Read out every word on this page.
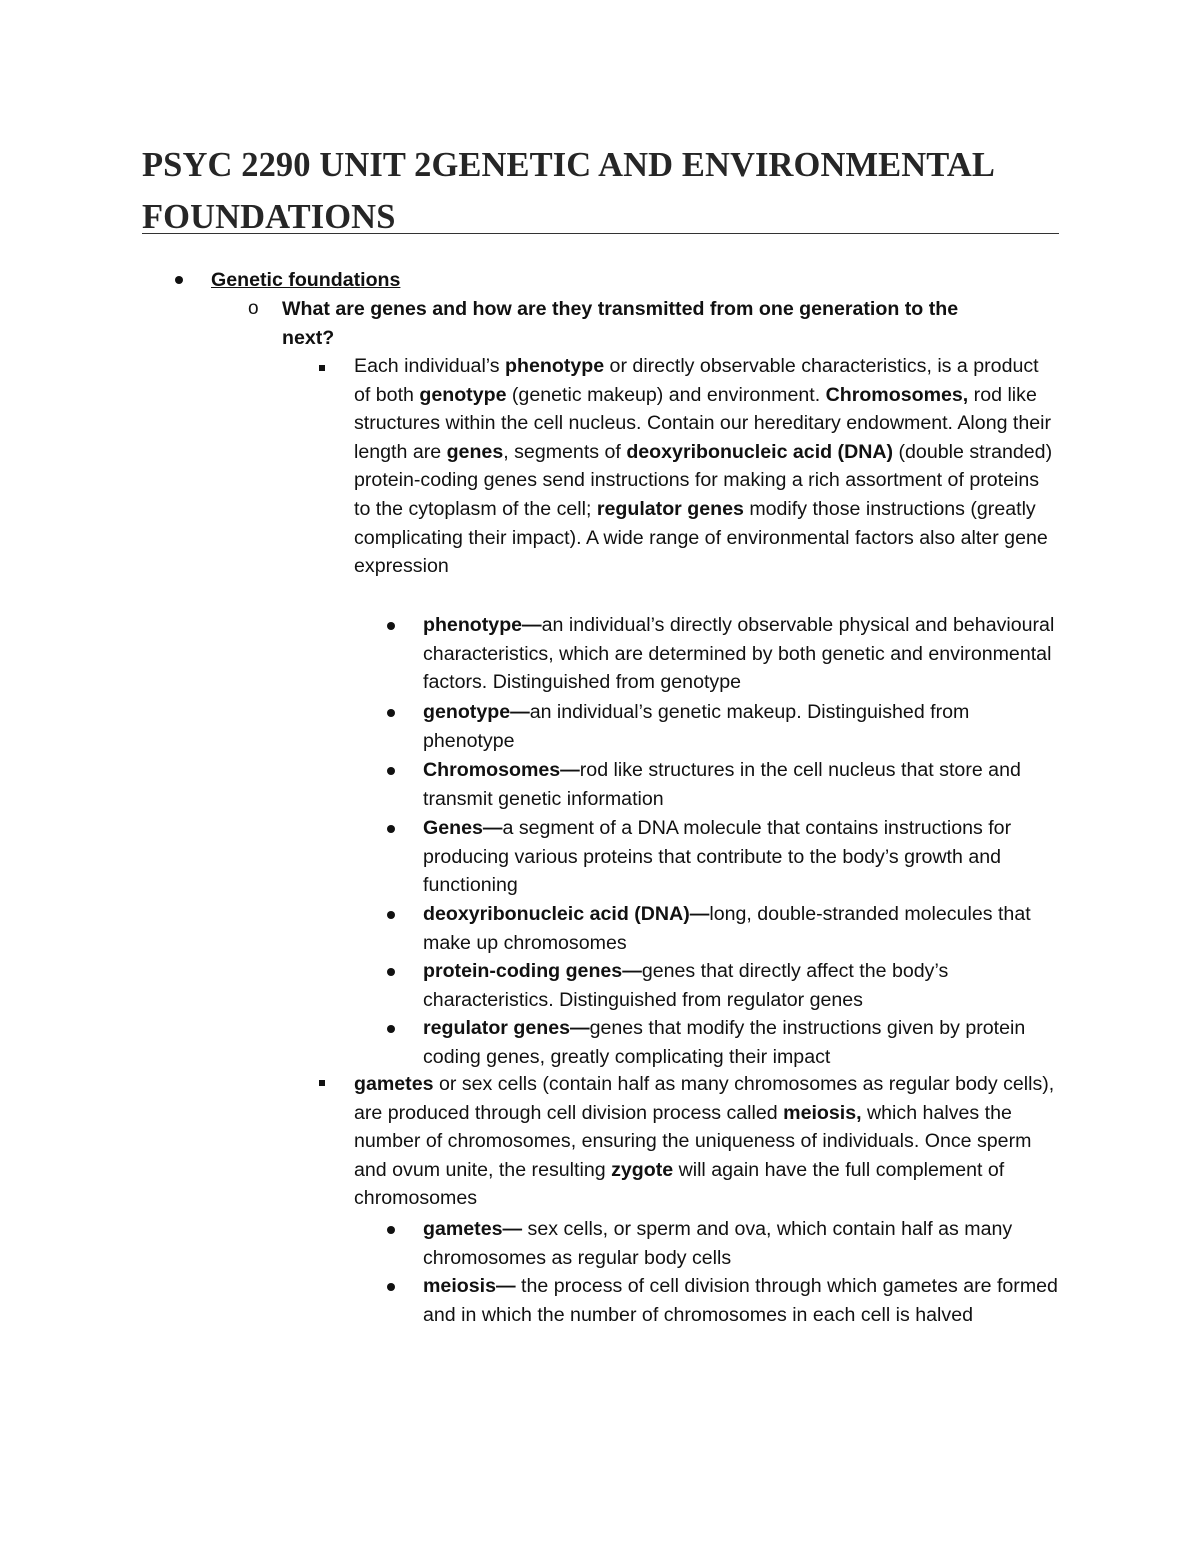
PSYC 2290 UNIT 2GENETIC AND ENVIRONMENTAL FOUNDATIONS
Genetic foundations
o What are genes and how are they transmitted from one generation to the next?
Each individual’s phenotype or directly observable characteristics, is a product of both genotype (genetic makeup) and environment. Chromosomes, rod like structures within the cell nucleus. Contain our hereditary endowment. Along their length are genes, segments of deoxyribonucleic acid (DNA) (double stranded) protein-coding genes send instructions for making a rich assortment of proteins to the cytoplasm of the cell; regulator genes modify those instructions (greatly complicating their impact). A wide range of environmental factors also alter gene expression
phenotype—an individual’s directly observable physical and behavioural characteristics, which are determined by both genetic and environmental factors. Distinguished from genotype
genotype—an individual’s genetic makeup. Distinguished from phenotype
Chromosomes—rod like structures in the cell nucleus that store and transmit genetic information
Genes—a segment of a DNA molecule that contains instructions for producing various proteins that contribute to the body’s growth and functioning
deoxyribonucleic acid (DNA)—long, double-stranded molecules that make up chromosomes
protein-coding genes—genes that directly affect the body’s characteristics. Distinguished from regulator genes
regulator genes—genes that modify the instructions given by protein coding genes, greatly complicating their impact
gametes or sex cells (contain half as many chromosomes as regular body cells), are produced through cell division process called meiosis, which halves the number of chromosomes, ensuring the uniqueness of individuals. Once sperm and ovum unite, the resulting zygote will again have the full complement of chromosomes
gametes— sex cells, or sperm and ova, which contain half as many chromosomes as regular body cells
meiosis— the process of cell division through which gametes are formed and in which the number of chromosomes in each cell is halved
